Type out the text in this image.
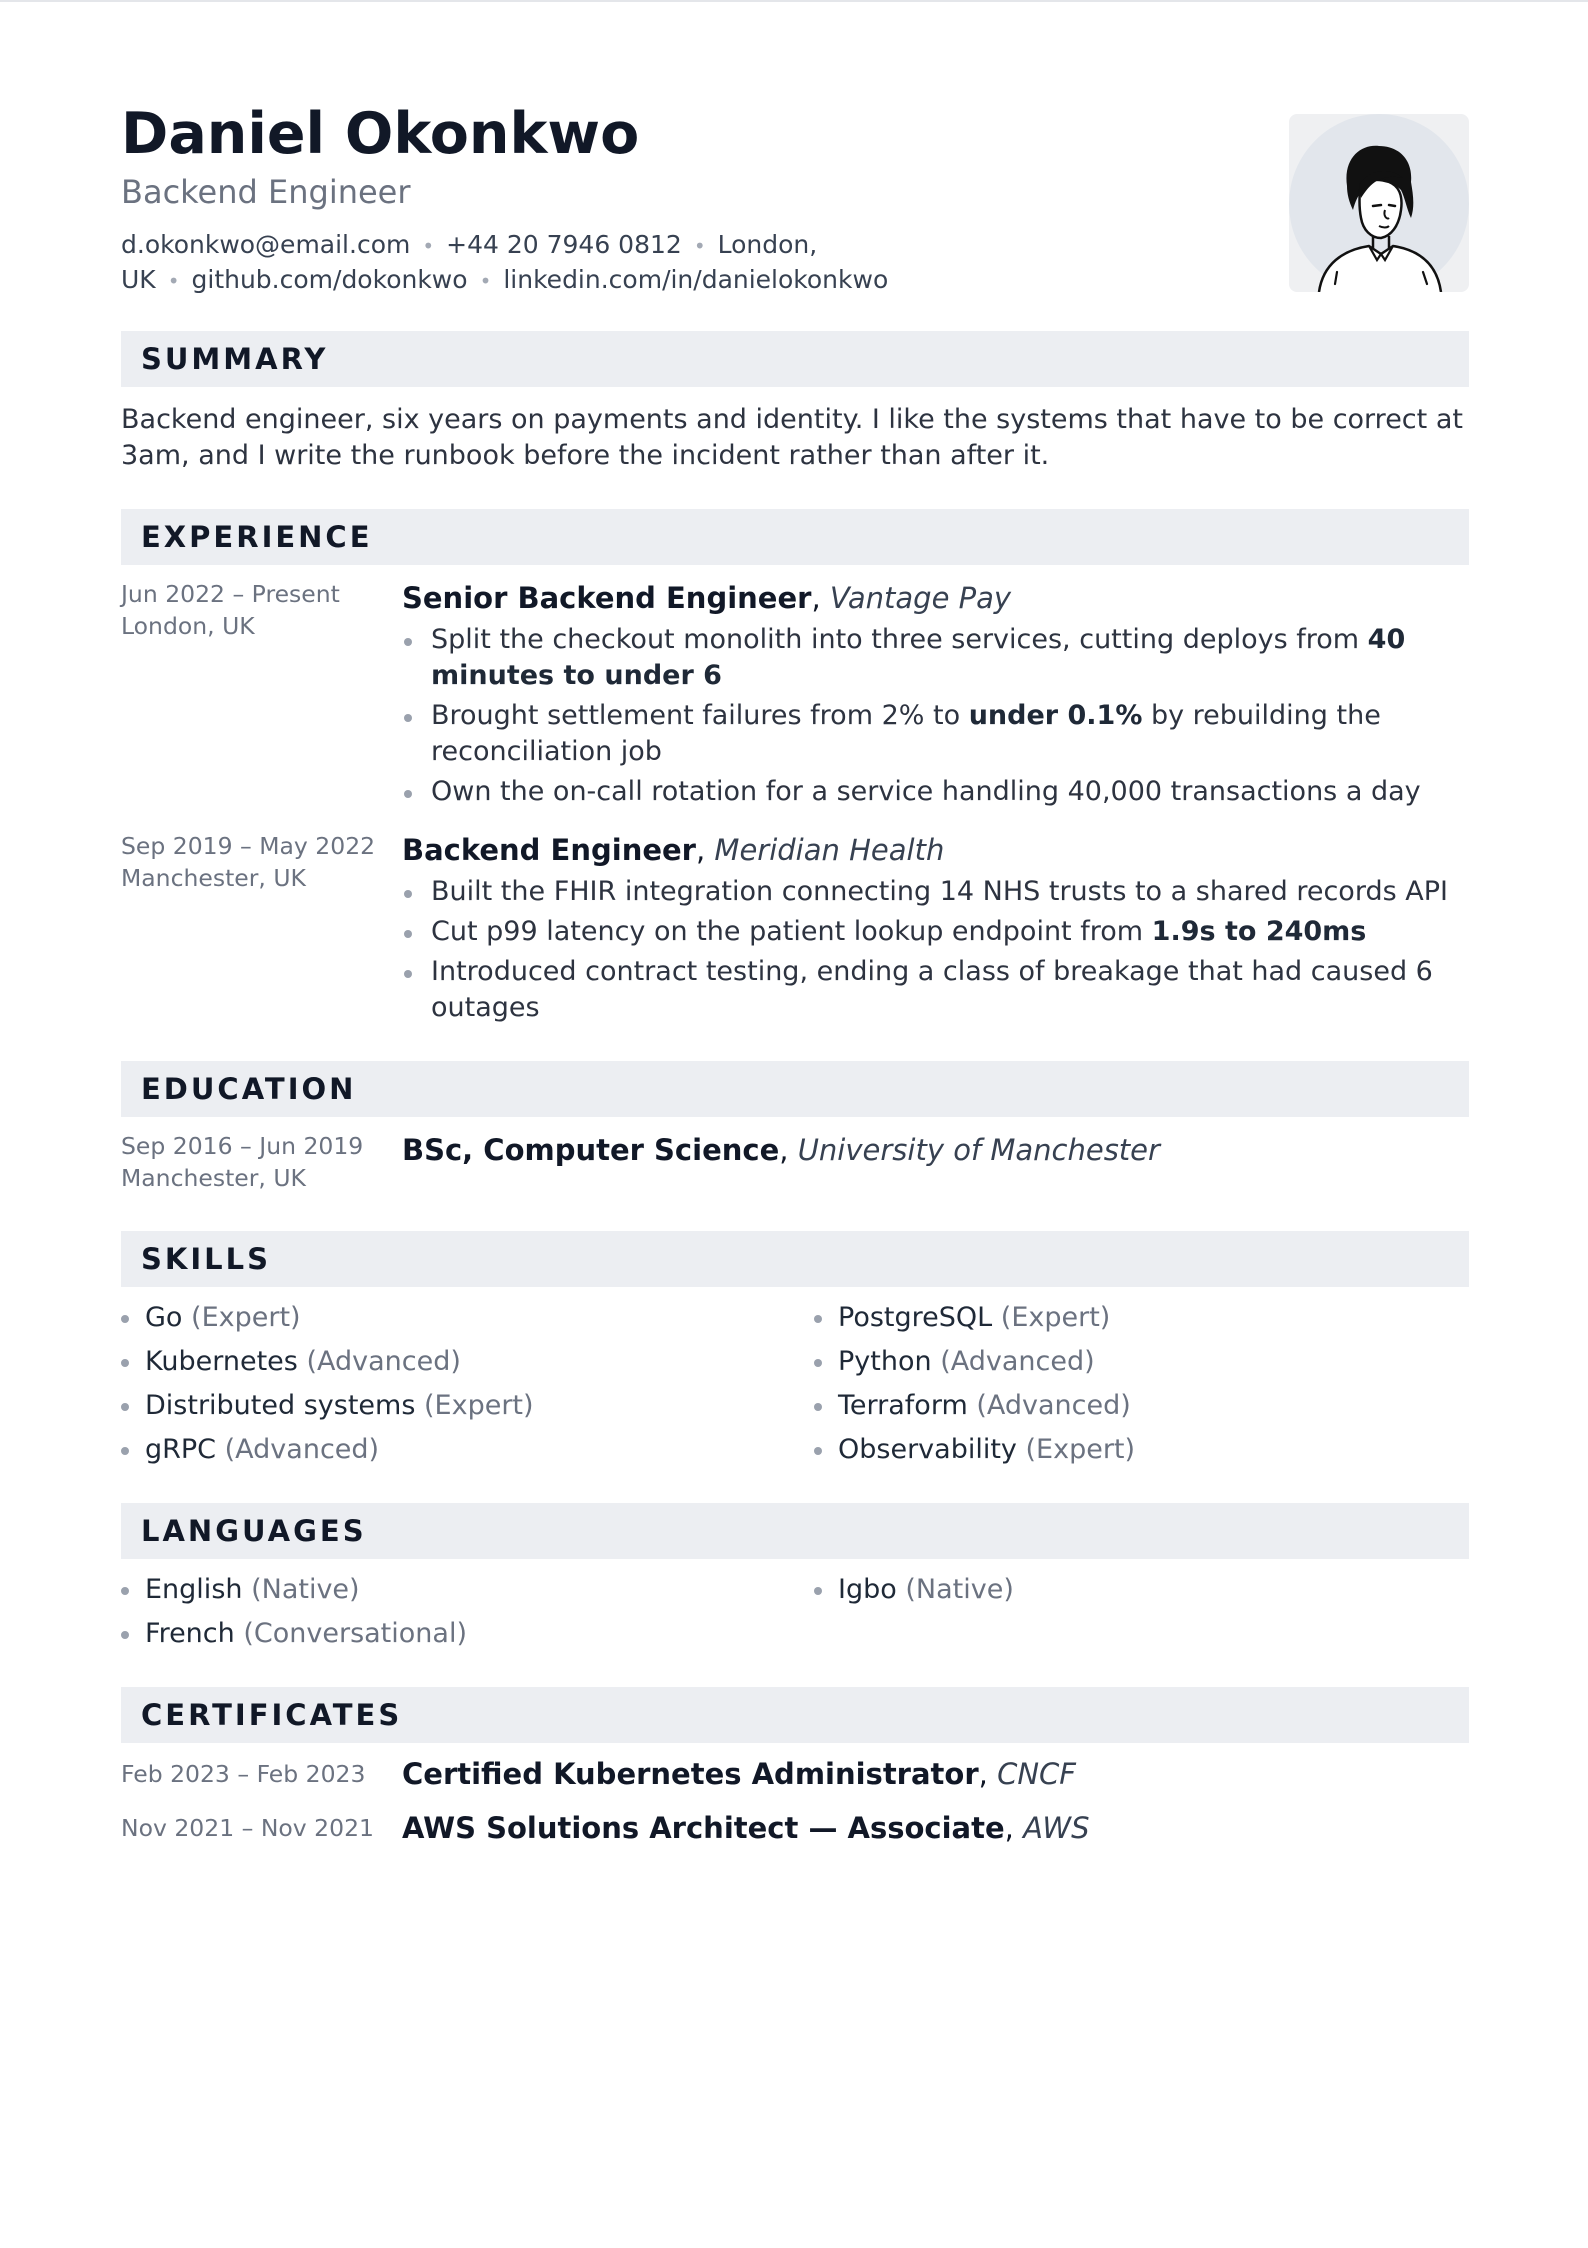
Daniel Okonkwo
Backend Engineer
d.okonkwo@email.com • +44 20 7946 0812 • London,
UK • github.com/dokonkwo • linkedin.com/in/danielokonkwo
SUMMARY
Backend engineer, six years on payments and identity. I like the systems that have to be correct at 3am, and I write the runbook before the incident rather than after it.
EXPERIENCE
Jun 2022 – Present
London, UK
Senior Backend Engineer, Vantage Pay
Split the checkout monolith into three services, cutting deploys from 40 minutes to under 6
Brought settlement failures from 2% to under 0.1% by rebuilding the reconciliation job
Own the on-call rotation for a service handling 40,000 transactions a day
Sep 2019 – May 2022
Manchester, UK
Backend Engineer, Meridian Health
Built the FHIR integration connecting 14 NHS trusts to a shared records API
Cut p99 latency on the patient lookup endpoint from 1.9s to 240ms
Introduced contract testing, ending a class of breakage that had caused 6 outages
EDUCATION
Sep 2016 – Jun 2019
Manchester, UK
BSc, Computer Science, University of Manchester
SKILLS
Go (Expert)
Kubernetes (Advanced)
Distributed systems (Expert)
gRPC (Advanced)
PostgreSQL (Expert)
Python (Advanced)
Terraform (Advanced)
Observability (Expert)
LANGUAGES
English (Native)
French (Conversational)
Igbo (Native)
CERTIFICATES
Feb 2023 – Feb 2023 Certified Kubernetes Administrator, CNCF
Nov 2021 – Nov 2021 AWS Solutions Architect — Associate, AWS
